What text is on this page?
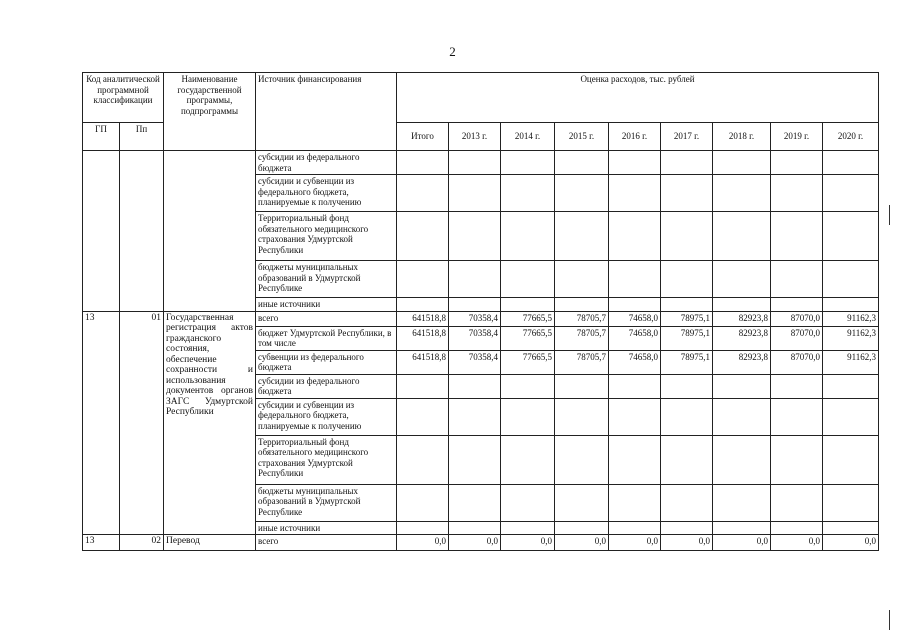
2
Код аналитической программной классификации		Наименование государственной программы, подпрограммы	Источник финансирования	Оценка расходов, тыс. рублей								
ГП	Пп			Итого	2013 г.	2014 г.	2015 г.	2016 г.	2017 г.	2018 г.	2019 г.	2020 г.
			субсидии из федерального бюджета									
			субсидии и субвенции из федерального бюджета, планируемые к получению									
			Территориальный фонд обязательного медицинского страхования Удмуртской Республики									
			бюджеты муниципальных образований в Удмуртской Республике									
			иные источники									
13	01	Государственная регистрация актов гражданского состояния, обеспечение сохранности и использования документов органов ЗАГС Удмуртской Республики	всего	641518,8	70358,4	77665,5	78705,7	74658,0	78975,1	82923,8	87070,0	91162,3
			бюджет Удмуртской Республики, в том числе	641518,8	70358,4	77665,5	78705,7	74658,0	78975,1	82923,8	87070,0	91162,3
			субвенции из федерального бюджета	641518,8	70358,4	77665,5	78705,7	74658,0	78975,1	82923,8	87070,0	91162,3
			субсидии из федерального бюджета									
			субсидии и субвенции из федерального бюджета, планируемые к получению									
			Территориальный фонд обязательного медицинского страхования Удмуртской Республики									
			бюджеты муниципальных образований в Удмуртской Республике									
			иные источники									
13	02	Перевод	всего	0,0	0,0	0,0	0,0	0,0	0,0	0,0	0,0	0,0
